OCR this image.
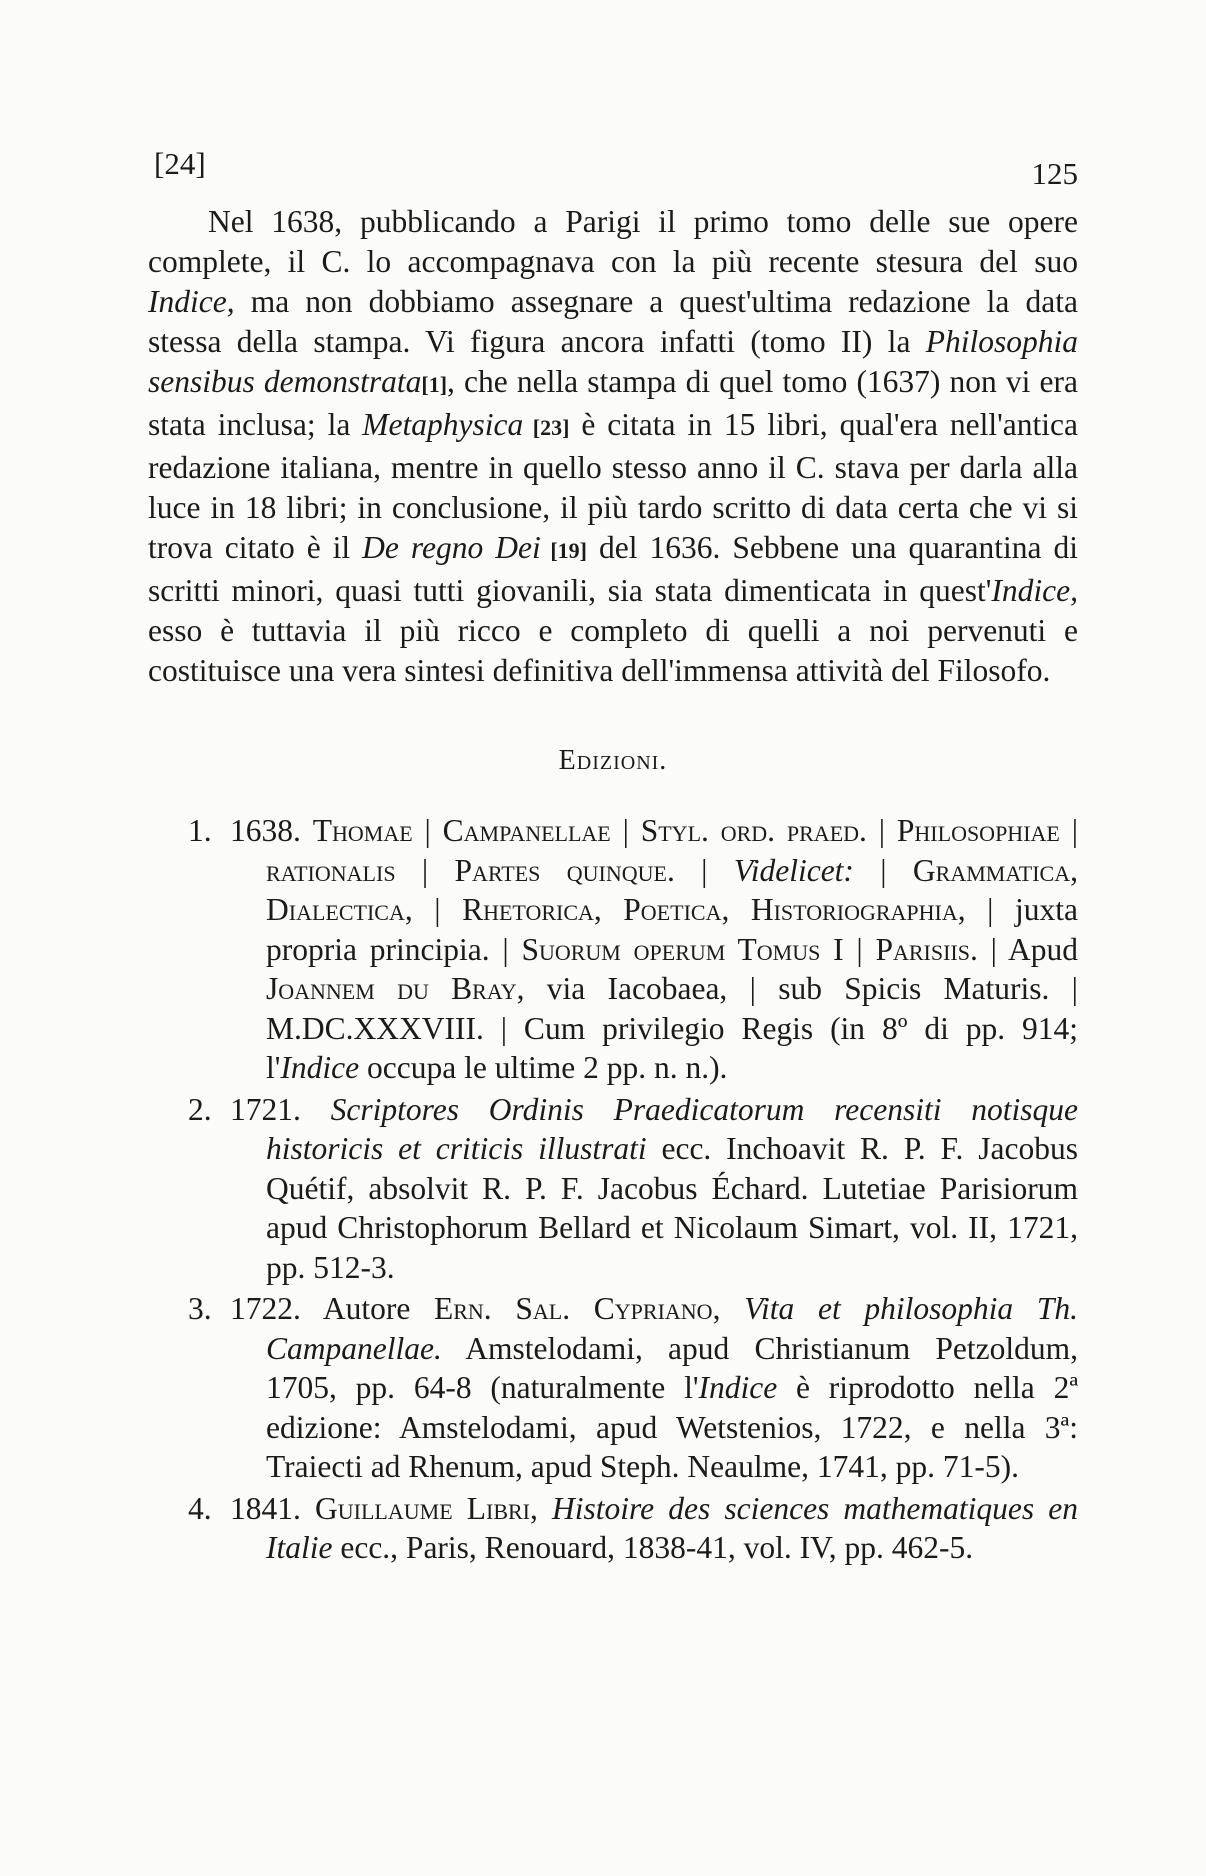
[24]	125

Nel 1638, pubblicando a Parigi il primo tomo delle sue opere complete, il C. lo accompagnava con la più recente stesura del suo Indice, ma non dobbiamo assegnare a quest'ultima redazione la data stessa della stampa. Vi figura ancora infatti (tomo II) la Philosophia sensibus demonstrata[1], che nella stampa di quel tomo (1637) non vi era stata inclusa; la Metaphysica [23] è citata in 15 libri, qual'era nell'antica redazione italiana, mentre in quello stesso anno il C. stava per darla alla luce in 18 libri; in conclusione, il più tardo scritto di data certa che vi si trova citato è il De regno Dei [19] del 1636. Sebbene una quarantina di scritti minori, quasi tutti giovanili, sia stata dimenticata in quest'Indice, esso è tuttavia il più ricco e completo di quelli a noi pervenuti e costituisce una vera sintesi definitiva dell'immensa attività del Filosofo.

Edizioni.
1.1638. Thomae | Campanellae | Styl. ord. praed. | Philosophiae | rationalis | Partes quinque. | Videlicet: | Grammatica, Dialectica, | Rhetorica, Poetica, Historiographia, | juxta propria principia. | Suorum operum Tomus I | Parisiis. | Apud Joannem du Bray, via Iacobaea, | sub Spicis Maturis. | M.DC.XXXVIII. | Cum privilegio Regis (in 8º di pp. 914; l'Indice occupa le ultime 2 pp. n. n.).
2.1721. Scriptores Ordinis Praedicatorum recensiti notisque historicis et criticis illustrati ecc. Inchoavit R. P. F. Jacobus Quétif, absolvit R. P. F. Jacobus Échard. Lutetiae Parisiorum apud Christophorum Bellard et Nicolaum Simart, vol. II, 1721, pp. 512-3.
3.1722. Autore Ern. Sal. Cypriano, Vita et philosophia Th. Campanellae. Amstelodami, apud Christianum Petzoldum, 1705, pp. 64-8 (naturalmente l'Indice è riprodotto nella 2ª edizione: Amstelodami, apud Wetstenios, 1722, e nella 3ª: Traiecti ad Rhenum, apud Steph. Neaulme, 1741, pp. 71-5).
4.1841. Guillaume Libri, Histoire des sciences mathematiques en Italie ecc., Paris, Renouard, 1838-41, vol. IV, pp. 462-5.
